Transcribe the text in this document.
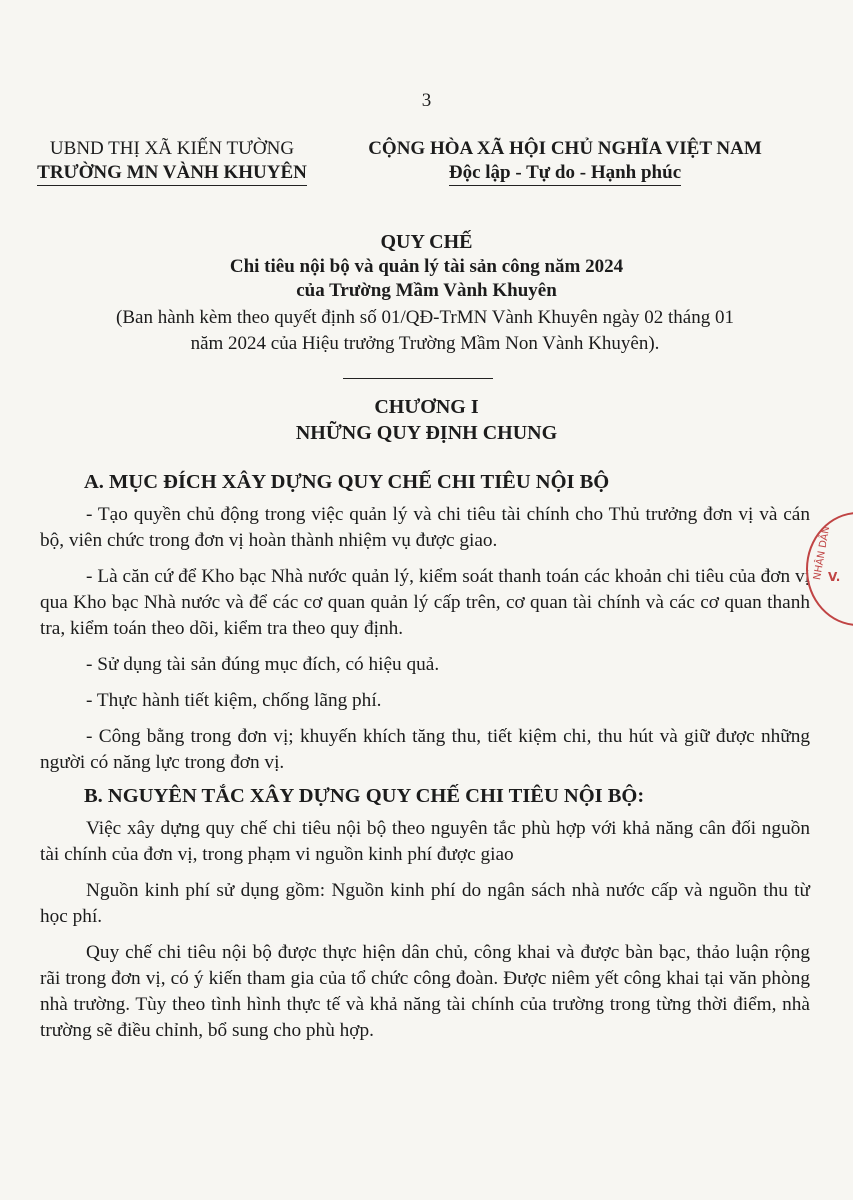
3
UBND THỊ XÃ KIẾN TƯỜNG
TRƯỜNG MN VÀNH KHUYÊN
CỘNG HÒA XÃ HỘI CHỦ NGHĨA VIỆT NAM
Độc lập - Tự do - Hạnh phúc
QUY CHẾ
Chi tiêu nội bộ và quản lý tài sản công năm 2024
của Trường Mầm Vành Khuyên
(Ban hành kèm theo quyết định số 01/QĐ-TrMN Vành Khuyên ngày 02 tháng 01
năm 2024 của Hiệu trưởng Trường Mầm Non Vành Khuyên).
CHƯƠNG I
NHỮNG QUY ĐỊNH CHUNG

A. MỤC ĐÍCH XÂY DỰNG QUY CHẾ CHI TIÊU NỘI BỘ

- Tạo quyền chủ động trong việc quản lý và chi tiêu tài chính cho Thủ trưởng đơn vị và cán bộ, viên chức trong đơn vị hoàn thành nhiệm vụ được giao.

- Là căn cứ để Kho bạc Nhà nước quản lý, kiểm soát thanh toán các khoản chi tiêu của đơn vị qua Kho bạc Nhà nước và để các cơ quan quản lý cấp trên, cơ quan tài chính và các cơ quan thanh tra, kiểm toán theo dõi, kiểm tra theo quy định.

- Sử dụng tài sản đúng mục đích, có hiệu quả.

- Thực hành tiết kiệm, chống lãng phí.

- Công bằng trong đơn vị; khuyến khích tăng thu, tiết kiệm chi, thu hút và giữ được những người có năng lực trong đơn vị.

B. NGUYÊN TẮC XÂY DỰNG QUY CHẾ CHI TIÊU NỘI BỘ:

Việc xây dựng quy chế chi tiêu nội bộ theo nguyên tắc phù hợp với khả năng cân đối nguồn tài chính của đơn vị, trong phạm vi nguồn kinh phí được giao

Nguồn kinh phí sử dụng gồm: Nguồn kinh phí do ngân sách nhà nước cấp và nguồn thu từ học phí.

Quy chế chi tiêu nội bộ được thực hiện dân chủ, công khai và được bàn bạc, thảo luận rộng rãi trong đơn vị, có ý kiến tham gia của tổ chức công đoàn. Được niêm yết công khai tại văn phòng nhà trường. Tùy theo tình hình thực tế và khả năng tài chính của trường trong từng thời điểm, nhà trường sẽ điều chỉnh, bổ sung cho phù hợp.

NHÂN DÂN
V.
